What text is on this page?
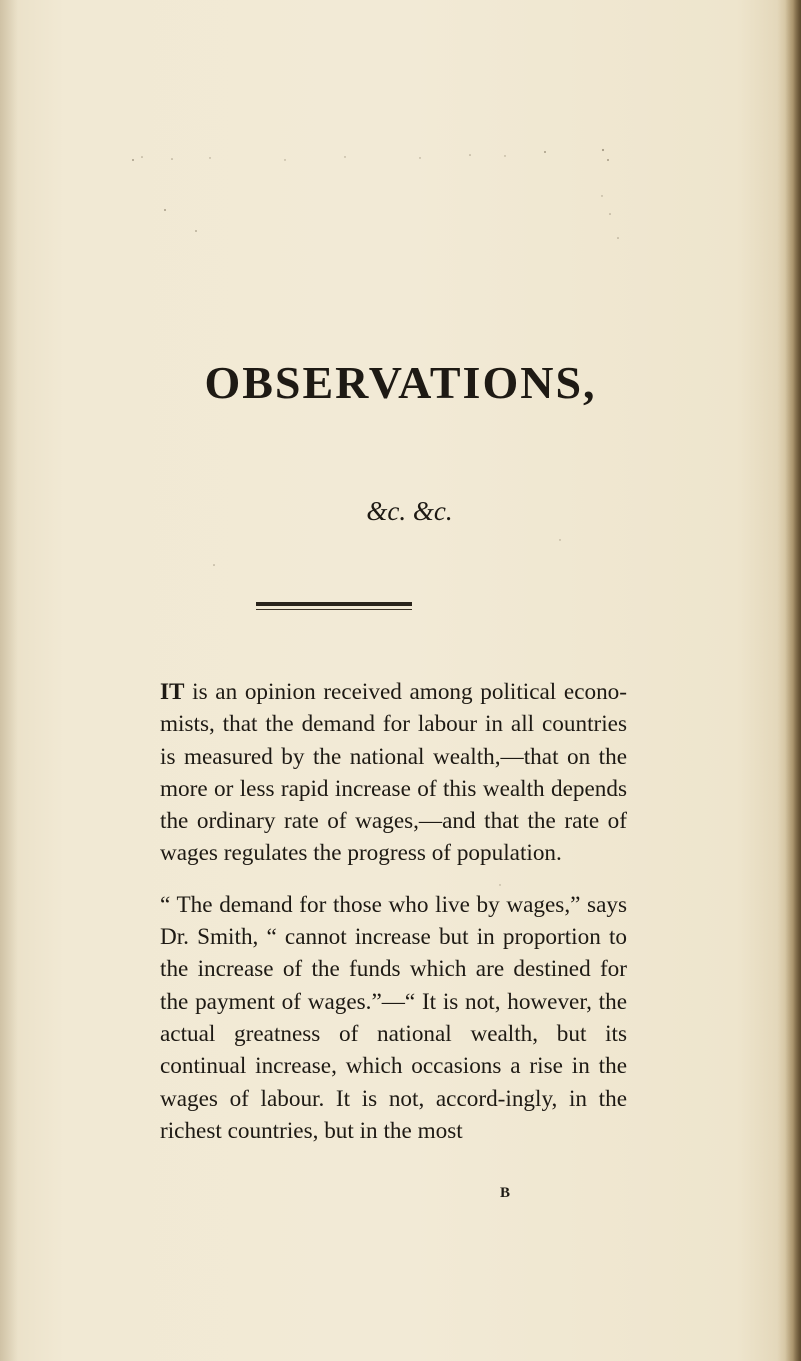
OBSERVATIONS,

&c. &c.

IT is an opinion received among political econo-mists, that the demand for labour in all countries is measured by the national wealth,—that on the more or less rapid increase of this wealth depends the ordinary rate of wages,—and that the rate of wages regulates the progress of population.

“ The demand for those who live by wages,” says Dr. Smith, “ cannot increase but in proportion to the increase of the funds which are destined for the payment of wages.”—“ It is not, however, the actual greatness of national wealth, but its continual increase, which occasions a rise in the wages of labour. It is not, accord-ingly, in the richest countries, but in the most

B
